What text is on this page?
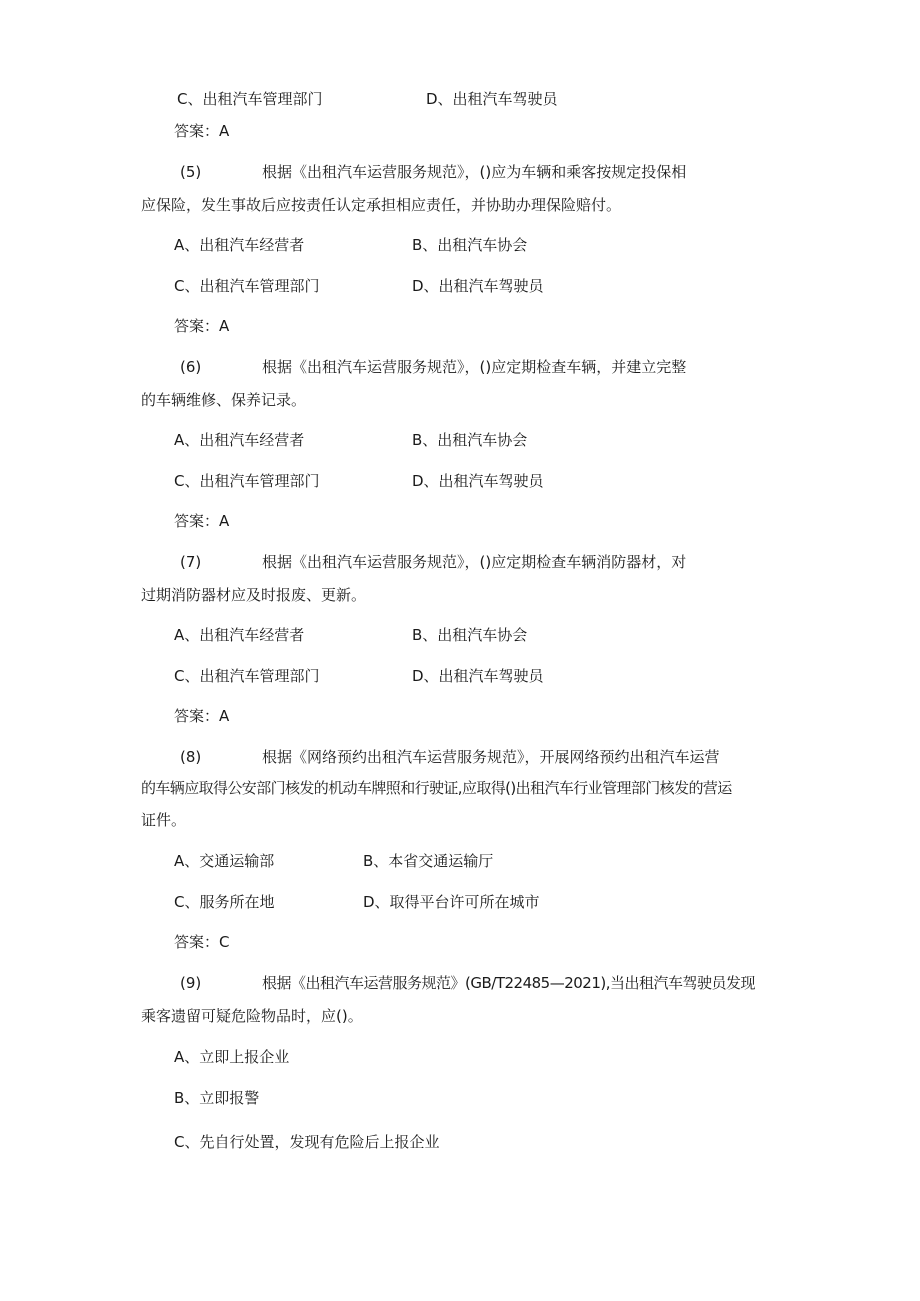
C、出租汽车管理部门	D、出租汽车驾驶员
答案：A
(5)	根据《出租汽车运营服务规范》，()应为车辆和乘客按规定投保相
应保险，发生事故后应按责任认定承担相应责任，并协助办理保险赔付。
A、出租汽车经营者	B、出租汽车协会
C、出租汽车管理部门	D、出租汽车驾驶员
答案：A
(6)	根据《出租汽车运营服务规范》，()应定期检查车辆，并建立完整
的车辆维修、保养记录。
A、出租汽车经营者	B、出租汽车协会
C、出租汽车管理部门	D、出租汽车驾驶员
答案：A
(7)	根据《出租汽车运营服务规范》，()应定期检查车辆消防器材，对
过期消防器材应及时报废、更新。
A、出租汽车经营者	B、出租汽车协会
C、出租汽车管理部门	D、出租汽车驾驶员
答案：A
(8)	根据《网络预约出租汽车运营服务规范》，开展网络预约出租汽车运营
的车辆应取得公安部门核发的机动车牌照和行驶证,应取得()出租汽车行业管理部门核发的营运
证件。
A、交通运输部	B、本省交通运输厅
C、服务所在地	D、取得平台许可所在城市
答案：C
(9)	根据《出租汽车运营服务规范》(GB/T22485—2021),当出租汽车驾驶员发现
乘客遗留可疑危险物品时，应()。
A、立即上报企业
B、立即报警
C、先自行处置，发现有危险后上报企业
